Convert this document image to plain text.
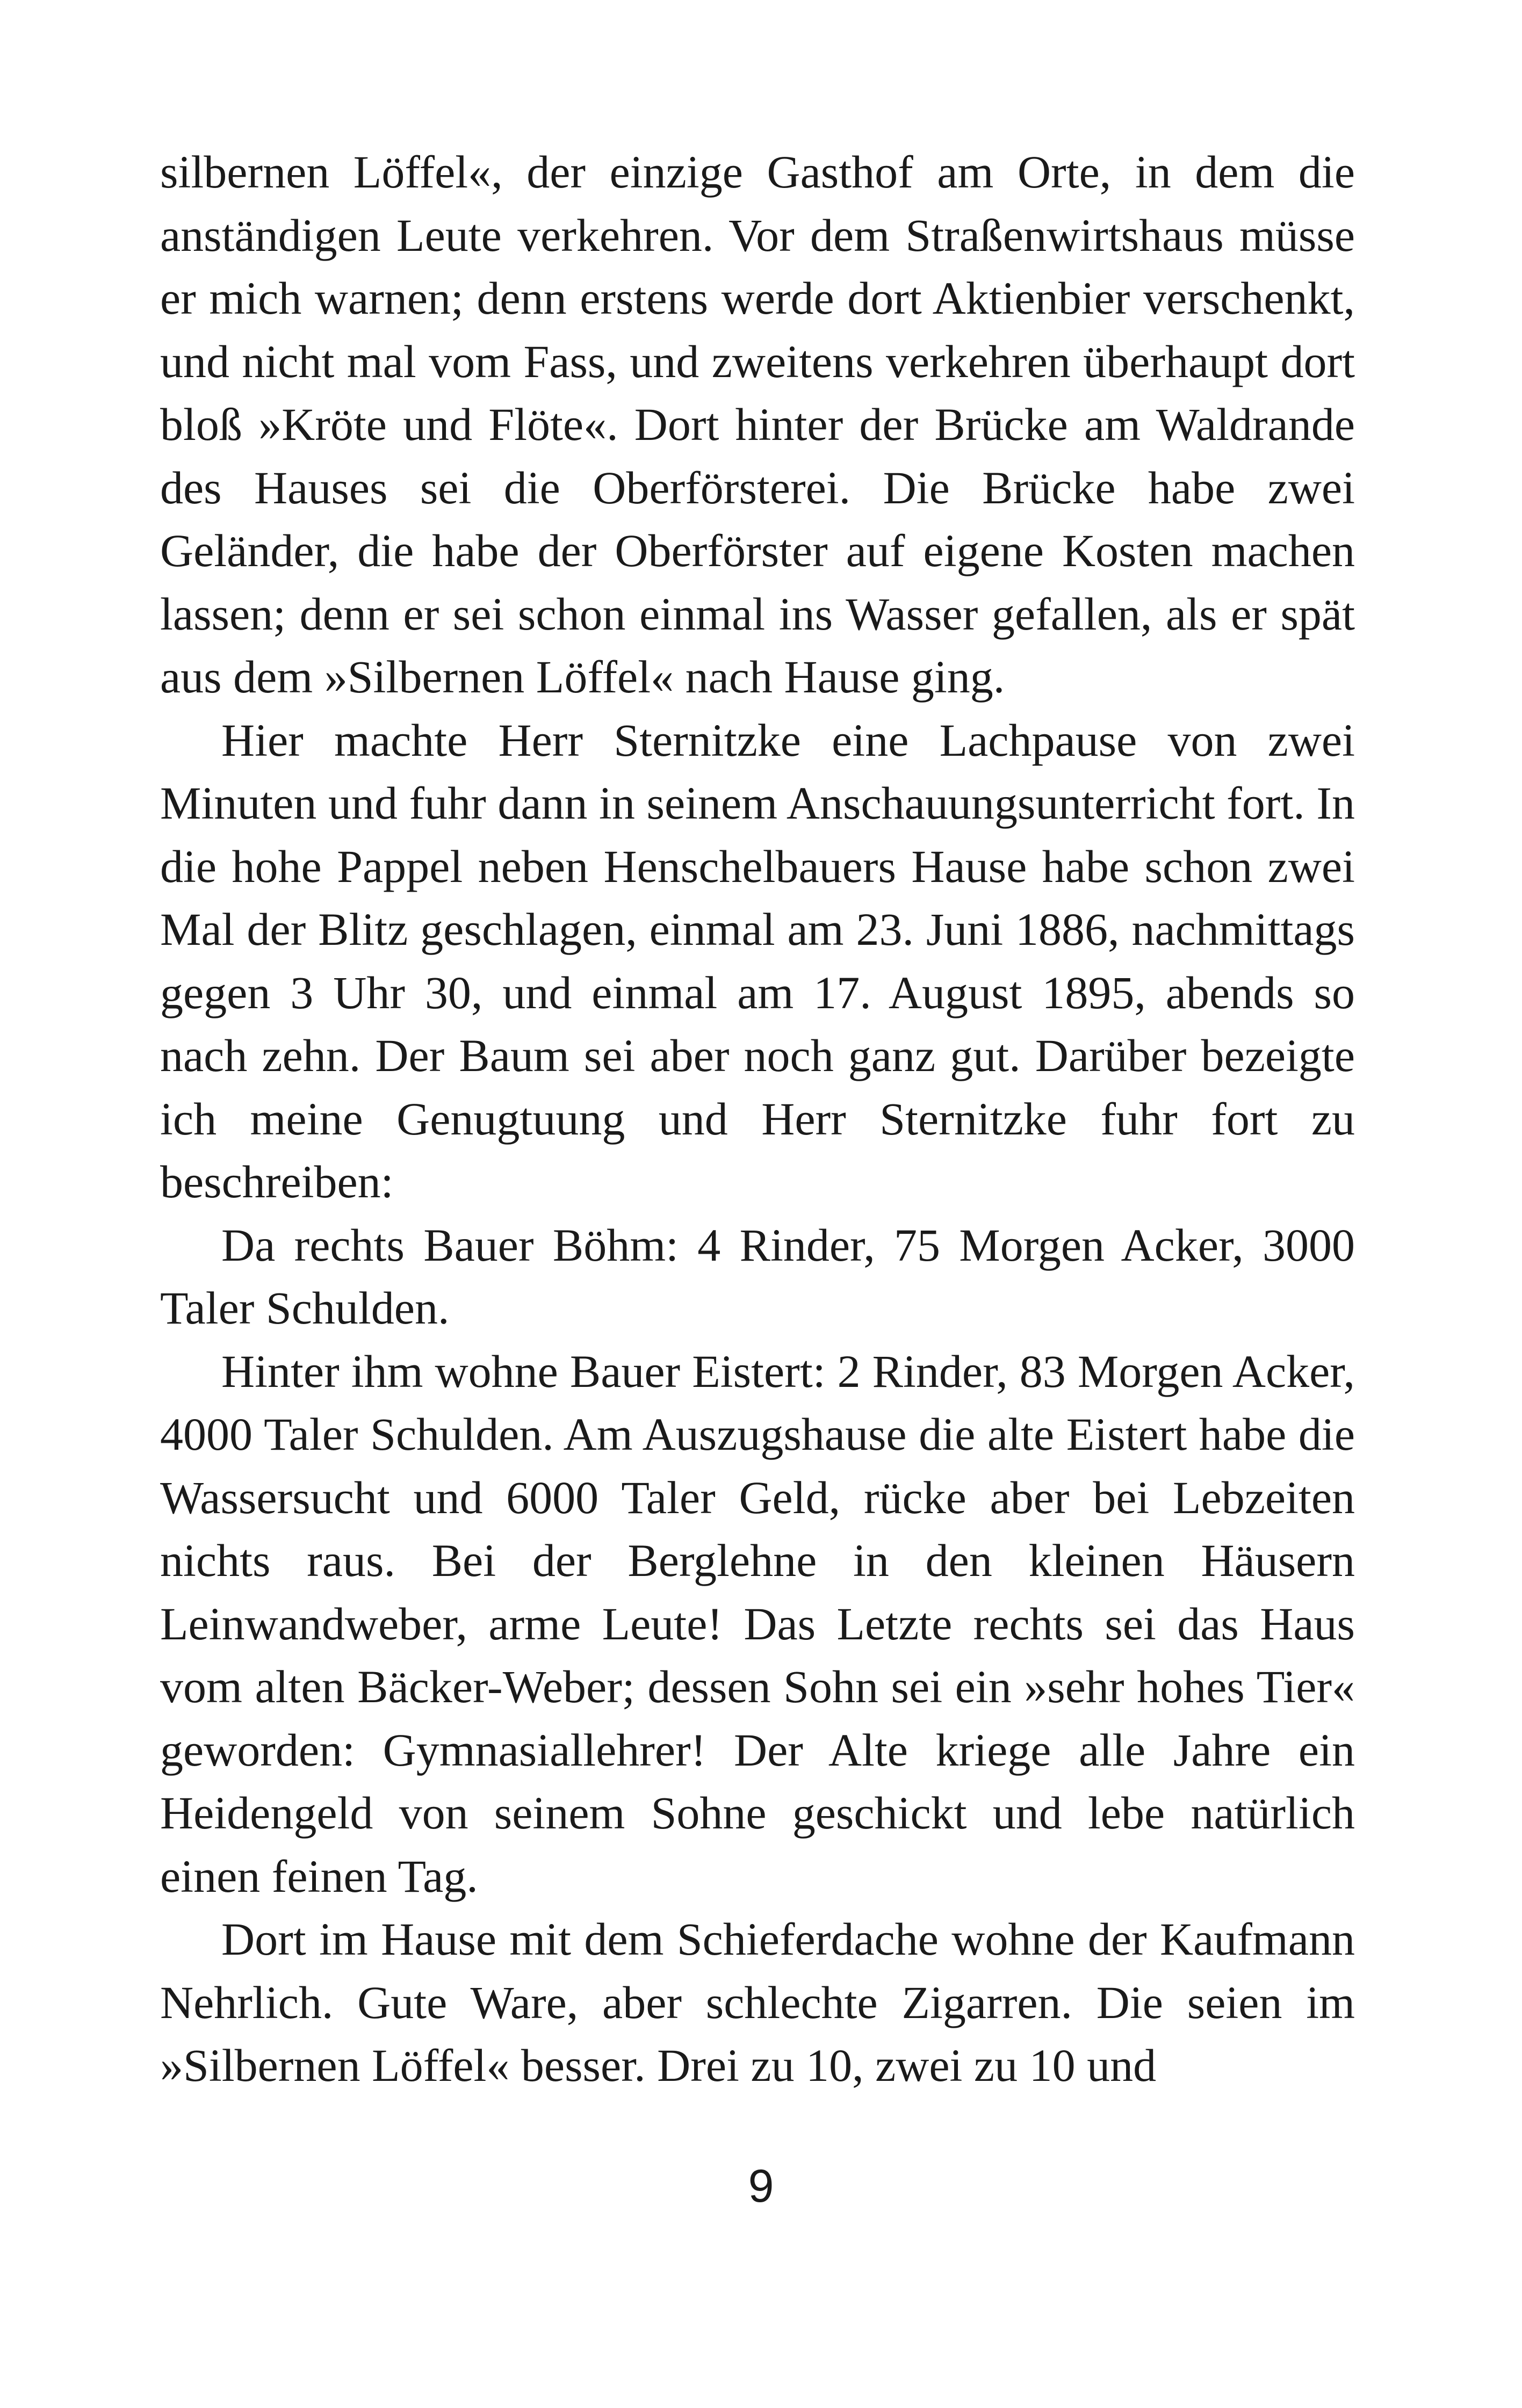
silbernen Löffel«, der einzige Gasthof am Orte, in dem die anständigen Leute verkehren. Vor dem Straßenwirtshaus müsse er mich warnen; denn erstens werde dort Aktienbier verschenkt, und nicht mal vom Fass, und zweitens verkehren überhaupt dort bloß »Kröte und Flöte«. Dort hinter der Brücke am Waldrande des Hauses sei die Oberförsterei. Die Brücke habe zwei Geländer, die habe der Oberförster auf eigene Kosten machen lassen; denn er sei schon einmal ins Wasser gefallen, als er spät aus dem »Silbernen Löffel« nach Hause ging.

Hier machte Herr Sternitzke eine Lachpause von zwei Minuten und fuhr dann in seinem Anschauungsunterricht fort. In die hohe Pappel neben Henschelbauers Hause habe schon zwei Mal der Blitz geschlagen, einmal am 23. Juni 1886, nachmittags gegen 3 Uhr 30, und einmal am 17. August 1895, abends so nach zehn. Der Baum sei aber noch ganz gut. Darüber bezeigte ich meine Genugtuung und Herr Sternitzke fuhr fort zu beschreiben:

Da rechts Bauer Böhm: 4 Rinder, 75 Morgen Acker, 3000 Taler Schulden.

Hinter ihm wohne Bauer Eistert: 2 Rinder, 83 Morgen Acker, 4000 Taler Schulden. Am Auszugshause die alte Eistert habe die Wassersucht und 6000 Taler Geld, rücke aber bei Lebzeiten nichts raus. Bei der Berglehne in den kleinen Häusern Leinwandweber, arme Leute! Das Letzte rechts sei das Haus vom alten Bäcker-Weber; dessen Sohn sei ein »sehr hohes Tier« geworden: Gymnasiallehrer! Der Alte kriege alle Jahre ein Heidengeld von seinem Sohne geschickt und lebe natürlich einen feinen Tag.

Dort im Hause mit dem Schieferdache wohne der Kaufmann Nehrlich. Gute Ware, aber schlechte Zigarren. Die seien im »Silbernen Löffel« besser. Drei zu 10, zwei zu 10 und

9
